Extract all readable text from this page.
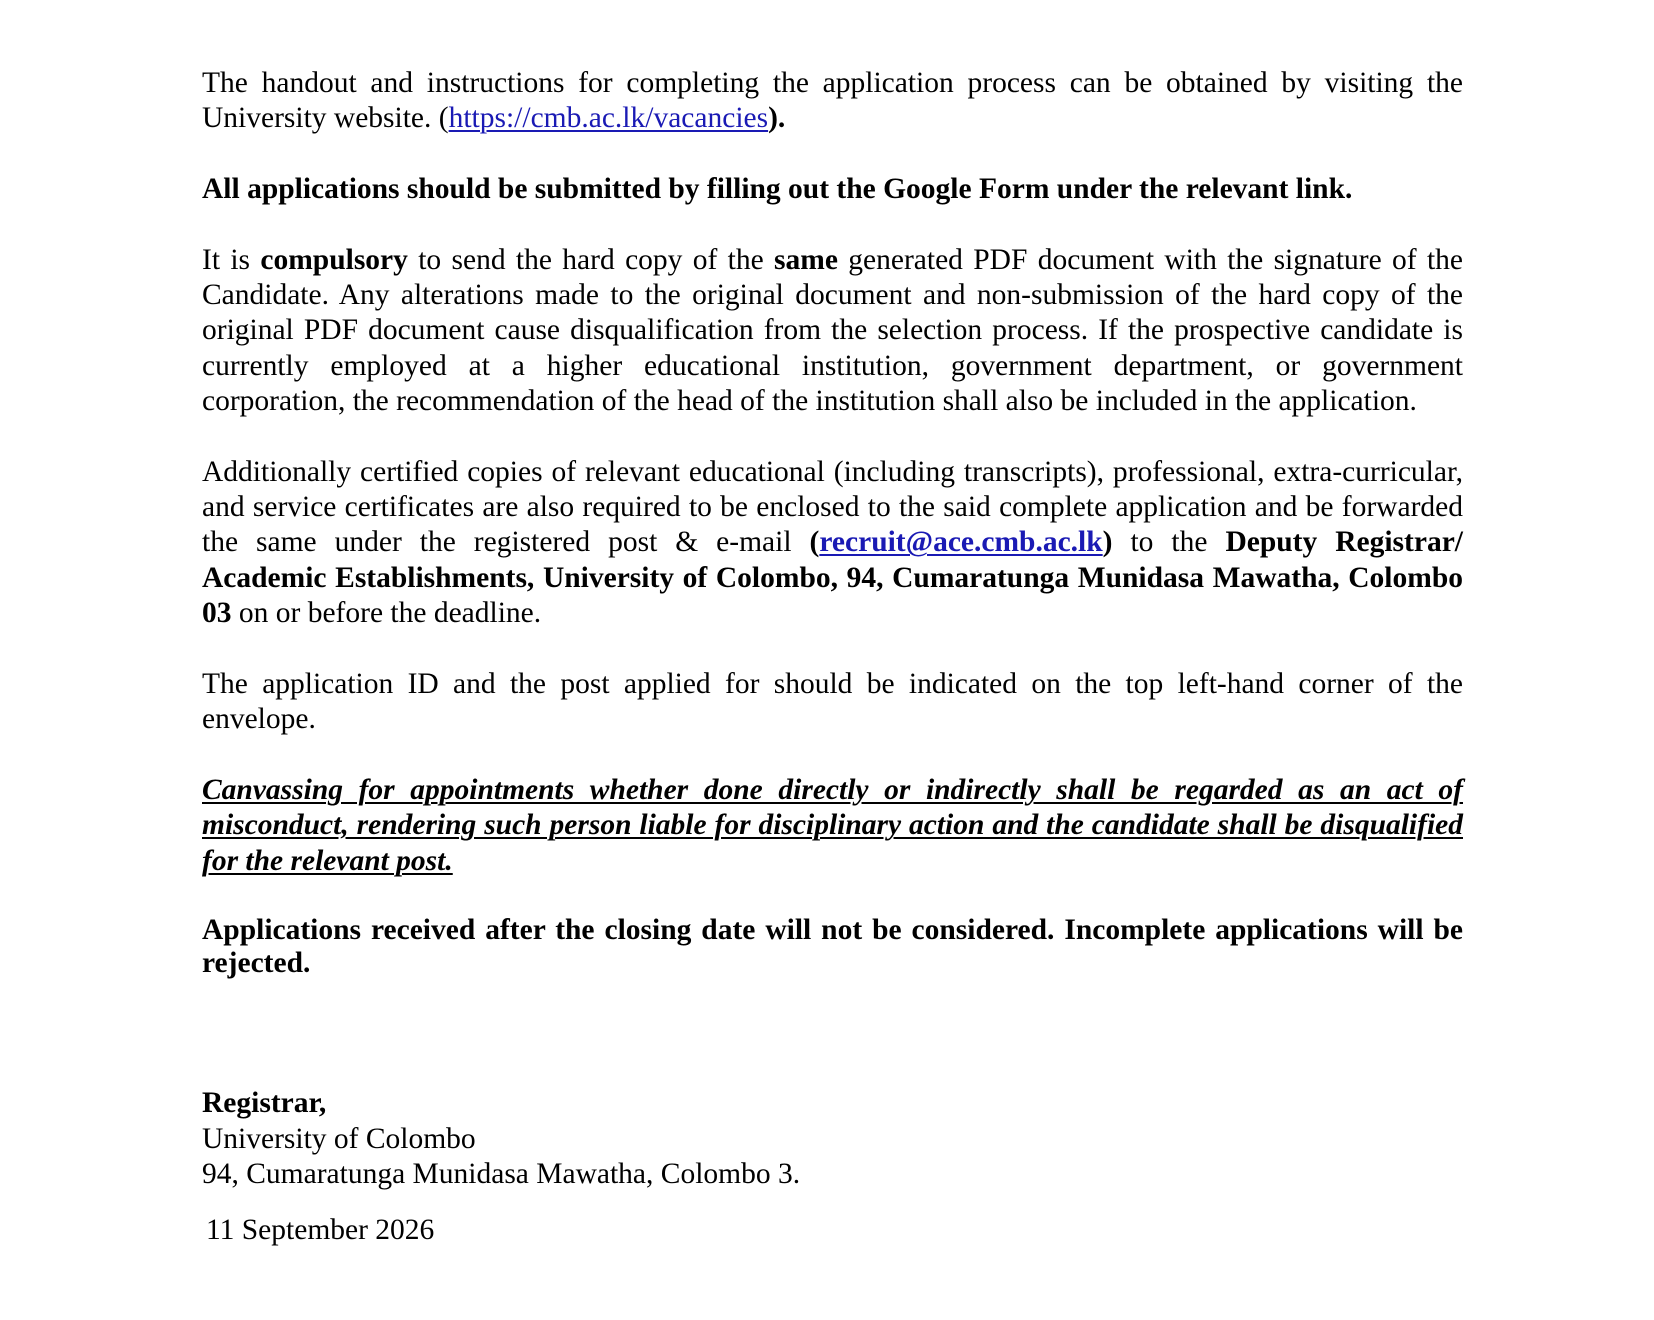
The handout and instructions for completing the application process can be obtained by visiting the University website. (https://cmb.ac.lk/vacancies).

All applications should be submitted by filling out the Google Form under the relevant link.

It is compulsory to send the hard copy of the same generated PDF document with the signature of the Candidate. Any alterations made to the original document and non-submission of the hard copy of the original PDF document cause disqualification from the selection process. If the prospective candidate is currently employed at a higher educational institution, government department, or government corporation, the recommendation of the head of the institution shall also be included in the application.

Additionally certified copies of relevant educational (including transcripts), professional, extra-curricular, and service certificates are also required to be enclosed to the said complete application and be forwarded the same under the registered post & e-mail (recruit@ace.cmb.ac.lk) to the Deputy Registrar/ Academic Establishments, University of Colombo, 94, Cumaratunga Munidasa Mawatha, Colombo 03 on or before the deadline.

The application ID and the post applied for should be indicated on the top left-hand corner of the envelope.

Canvassing for appointments whether done directly or indirectly shall be regarded as an act of misconduct, rendering such person liable for disciplinary action and the candidate shall be disqualified for the relevant post.

Applications received after the closing date will not be considered. Incomplete applications will be rejected.

Registrar,
University of Colombo
94, Cumaratunga Munidasa Mawatha, Colombo 3.
11 September 2026
